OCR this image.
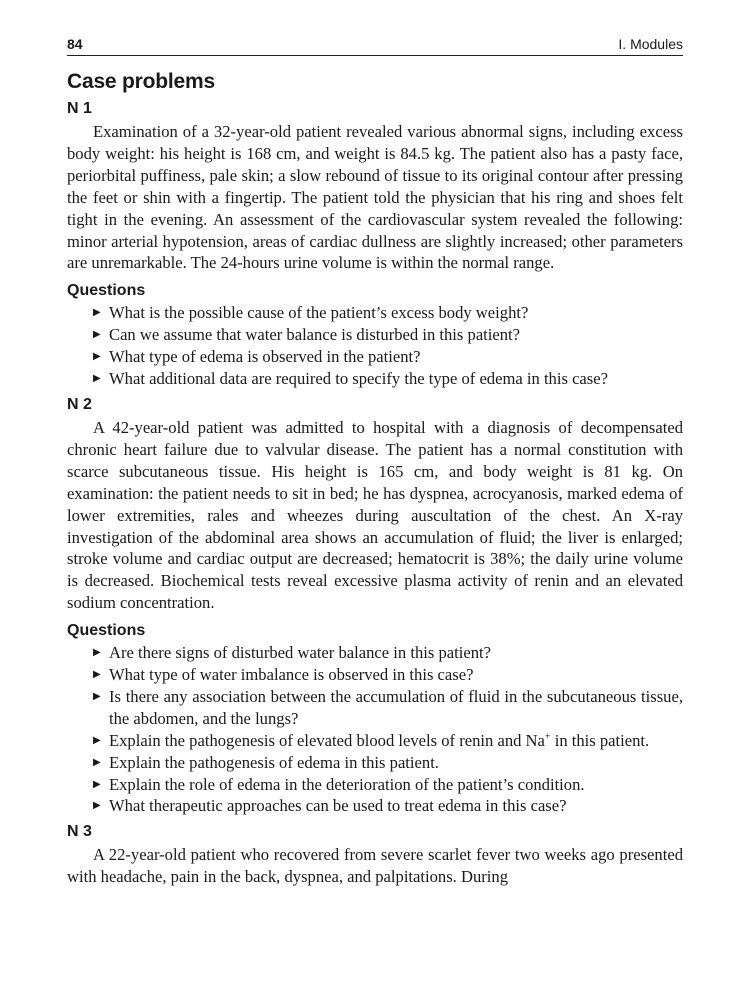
84	I. Modules
Case problems
N 1

Examination of a 32-year-old patient revealed various abnormal signs, including excess body weight: his height is 168 cm, and weight is 84.5 kg. The patient also has a pasty face, periorbital puffiness, pale skin; a slow rebound of tissue to its original contour after pressing the feet or shin with a fingertip. The patient told the physician that his ring and shoes felt tight in the evening. An assessment of the cardiovascular system revealed the following: minor arterial hypotension, areas of cardiac dullness are slightly increased; other parameters are unremarkable. The 24-hours urine volume is within the normal range.

Questions
▶ What is the possible cause of the patient’s excess body weight?
▶ Can we assume that water balance is disturbed in this patient?
▶ What type of edema is observed in the patient?
▶ What additional data are required to specify the type of edema in this case?
N 2

A 42-year-old patient was admitted to hospital with a diagnosis of decompensated chronic heart failure due to valvular disease. The patient has a normal constitution with scarce subcutaneous tissue. His height is 165 cm, and body weight is 81 kg. On examination: the patient needs to sit in bed; he has dyspnea, acrocyanosis, marked edema of lower extremities, rales and wheezes during auscultation of the chest. An X-ray investigation of the abdominal area shows an accumulation of fluid; the liver is enlarged; stroke volume and cardiac output are decreased; hematocrit is 38%; the daily urine volume is decreased. Biochemical tests reveal excessive plasma activity of renin and an elevated sodium concentration.

Questions
▶ Are there signs of disturbed water balance in this patient?
▶ What type of water imbalance is observed in this case?
▶ Is there any association between the accumulation of fluid in the subcutaneous tissue, the abdomen, and the lungs?
▶ Explain the pathogenesis of elevated blood levels of renin and Na+ in this patient.
▶ Explain the pathogenesis of edema in this patient.
▶ Explain the role of edema in the deterioration of the patient’s condition.
▶ What therapeutic approaches can be used to treat edema in this case?
N 3

A 22-year-old patient who recovered from severe scarlet fever two weeks ago presented with headache, pain in the back, dyspnea, and palpitations. During
